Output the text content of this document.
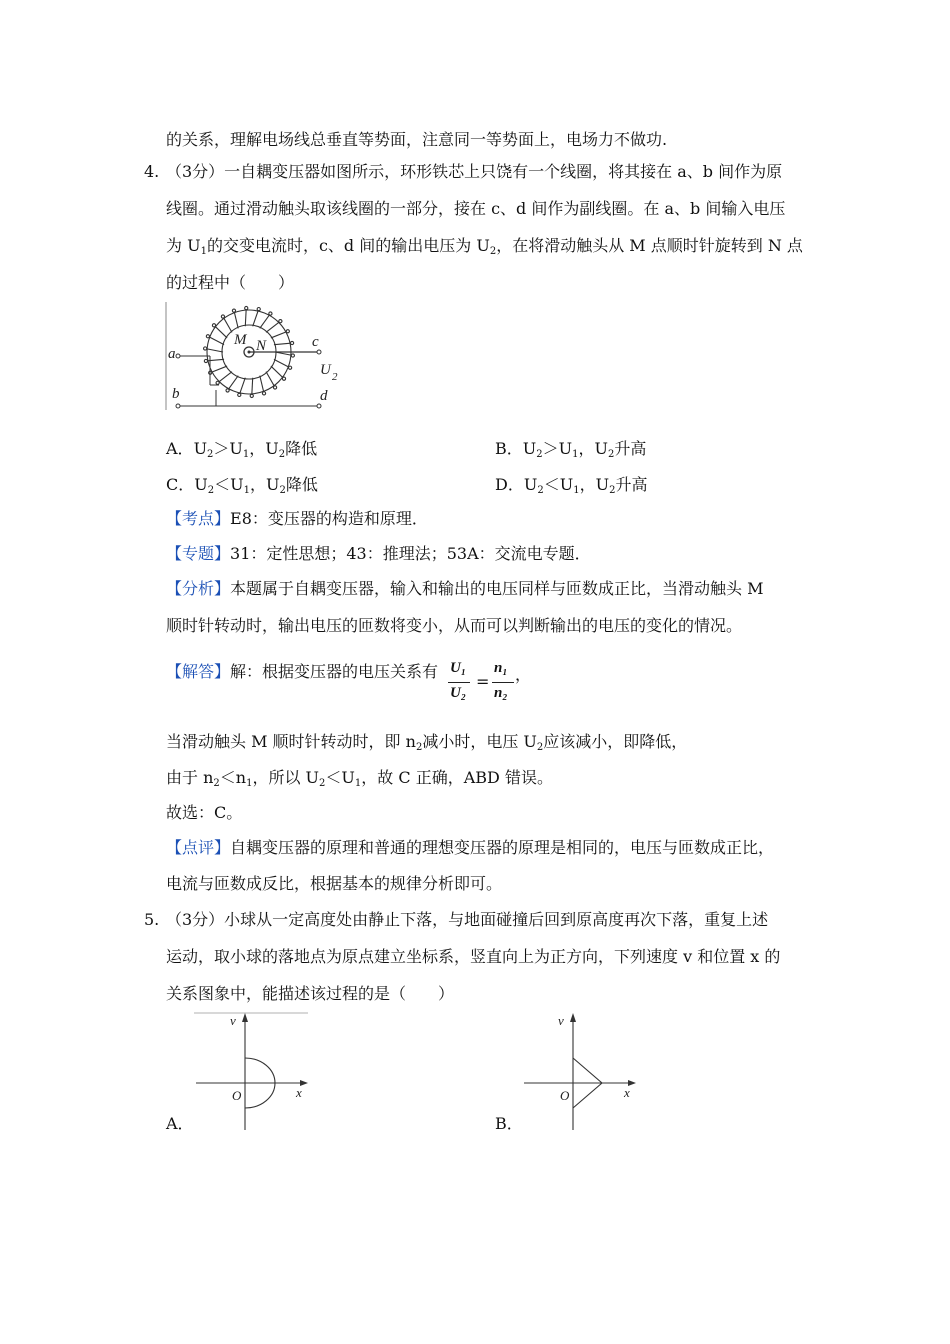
的关系，理解电场线总垂直等势面，注意同一等势面上，电场力不做功.
4. （3分）一自耦变压器如图所示，环形铁芯上只饶有一个线圈，将其接在 a、b 间作为原
线圈。通过滑动触头取该线圈的一部分，接在 c、d 间作为副线圈。在 a、b 间输入电压
为 $U_1$的交变电流时，c、d 间的输出电压为 $U_2$，在将滑动触头从 M 点顺时针旋转到 N 点
的过程中（　　）
M N
a
b
c
d
U 2
A．$U_2>U_1$，$U_2$降低	B．$U_2>U_1$，$U_2$升高
C．$U_2<U_1$，$U_2$降低	D．$U_2<U_1$，$U_2$升高
【考点】E8：变压器的构造和原理．
【专题】31：定性思想；43：推理法；53A：交流电专题．
【分析】本题属于自耦变压器，输入和输出的电压同样与匝数成正比，当滑动触头 M
顺时针转动时，输出电压的匝数将变小，从而可以判断输出的电压的变化的情况。
【解答】解：根据变压器的电压关系有 U₁
U₂
=
n₁
n₂
，
当滑动触头 M 顺时针转动时，即 $n_2$减小时，电压 $U_2$应该减小，即降低，
由于 $n_2<n_1$，所以 $U_2<U_1$，故 C 正确，ABD 错误。
故选：C。
【点评】自耦变压器的原理和普通的理想变压器的原理是相同的，电压与匝数成正比，
电流与匝数成反比，根据基本的规律分析即可。
5. （3分）小球从一定高度处由静止下落，与地面碰撞后回到原高度再次下落，重复上述
运动，取小球的落地点为原点建立坐标系，竖直向上为正方向，下列速度 v 和位置 x 的
关系图象中，能描述该过程的是（　　）
v
x
O
A．
v
x
O
B．
